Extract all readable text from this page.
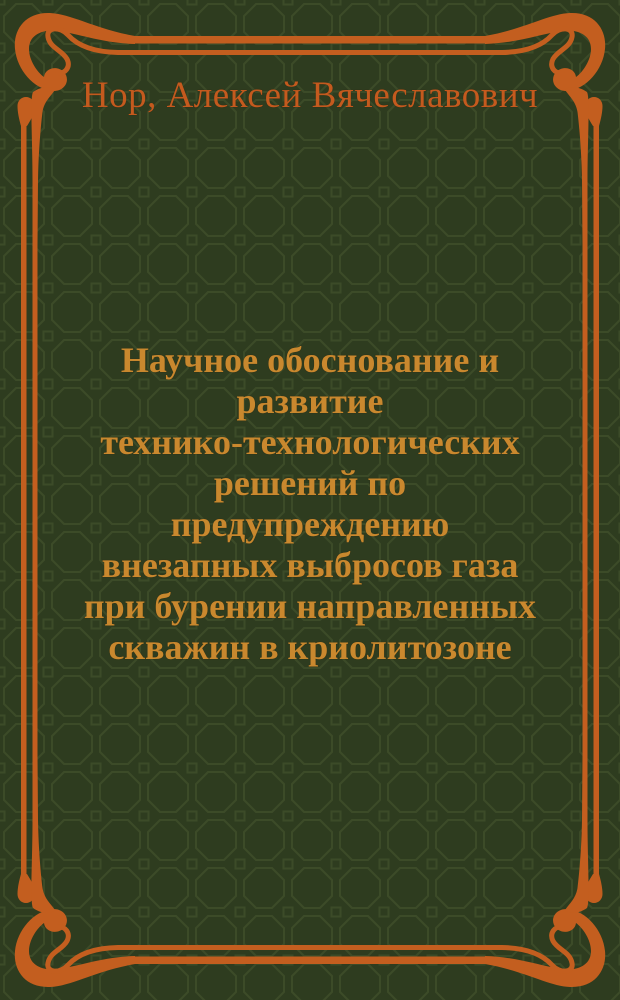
Нор, Алексей Вячеславович
Научное обоснование и
развитие
технико-технологических
решений по
предупреждению
внезапных выбросов газа
при бурении направленных
скважин в криолитозоне
